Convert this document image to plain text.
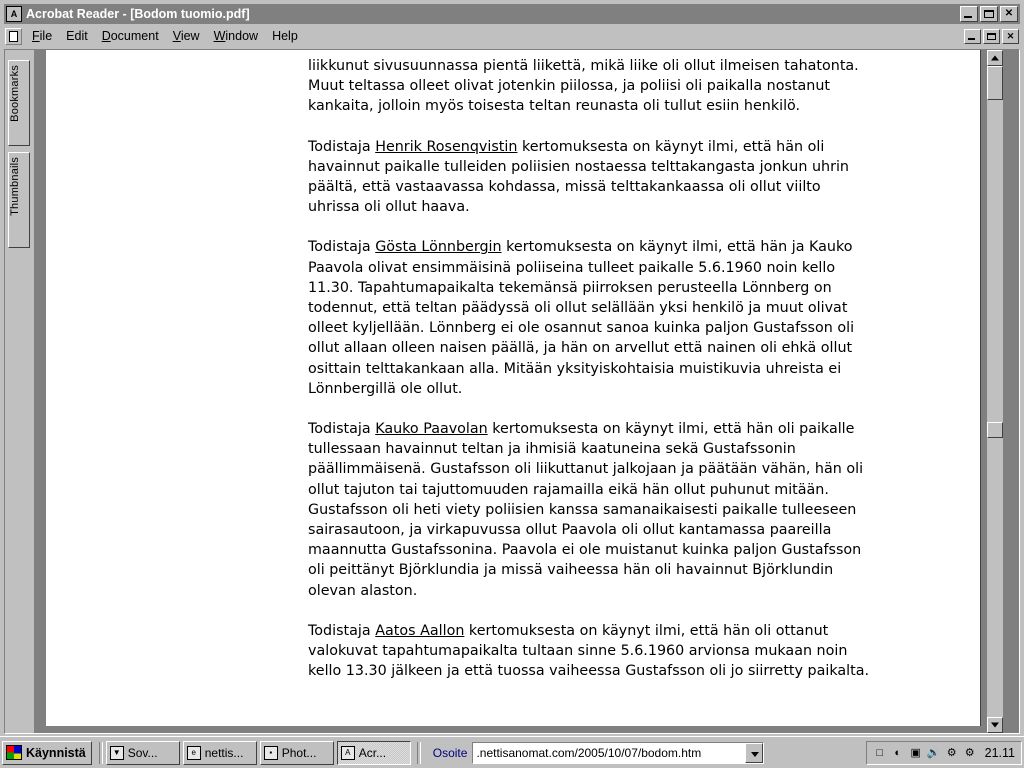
A Acrobat Reader - [Bodom tuomio.pdf]	✕
File	Edit	Document	View	Window	Help	✕
Bookmarks
Thumbnails

liikkunut sivusuunnassa pientä liikettä, mikä liike oli ollut ilmeisen tahatonta. Muut teltassa olleet olivat jotenkin piilossa, ja poliisi oli paikalla nostanut kankaita, jolloin myös toisesta teltan reunasta oli tullut esiin henkilö.

Todistaja Henrik Rosenqvistin kertomuksesta on käynyt ilmi, että hän oli havainnut paikalle tulleiden poliisien nostaessa telttakangasta jonkun uhrin päältä, että vastaavassa kohdassa, missä telttakankaassa oli ollut viilto uhrissa oli ollut haava.

Todistaja Gösta Lönnbergin kertomuksesta on käynyt ilmi, että hän ja Kauko Paavola olivat ensimmäisinä poliiseina tulleet paikalle 5.6.1960 noin kello 11.30. Tapahtumapaikalta tekemänsä piirroksen perusteella Lönnberg on todennut, että teltan päädyssä oli ollut selällään yksi henkilö ja muut olivat olleet kyljellään. Lönnberg ei ole osannut sanoa kuinka paljon Gustafsson oli ollut allaan olleen naisen päällä, ja hän on arvellut että nainen oli ehkä ollut osittain telttakankaan alla. Mitään yksityiskohtaisia muistikuvia uhreista ei Lönnbergillä ole ollut.

Todistaja Kauko Paavolan kertomuksesta on käynyt ilmi, että hän oli paikalle tullessaan havainnut teltan ja ihmisiä kaatuneina sekä Gustafssonin päällimmäisenä. Gustafsson oli liikuttanut jalkojaan ja päätään vähän, hän oli ollut tajuton tai tajuttomuuden rajamailla eikä hän ollut puhunut mitään. Gustafsson oli heti viety poliisien kanssa samanaikaisesti paikalle tulleeseen sairasautoon, ja virkapuvussa ollut Paavola oli ollut kantamassa paareilla maannutta Gustafssonina. Paavola ei ole muistanut kuinka paljon Gustafsson oli peittänyt Björklundia ja missä vaiheessa hän oli havainnut Björklundin olevan alaston.

Todistaja Aatos Aallon kertomuksesta on käynyt ilmi, että hän oli ottanut valokuvat tapahtumapaikalta tultaan sinne 5.6.1960 arvionsa mukaan noin kello 13.30 jälkeen ja että tuossa vaiheessa Gustafsson oli jo siirretty paikalta.

Käynnistä	▼ Sov...	e nettis...	▪ Phot...	A Acr...	Osoite .nettisanomat.com/2005/10/07/bodom.htm	□	◐ ▣ 🔊 ⚙ ⚙ 21.11
